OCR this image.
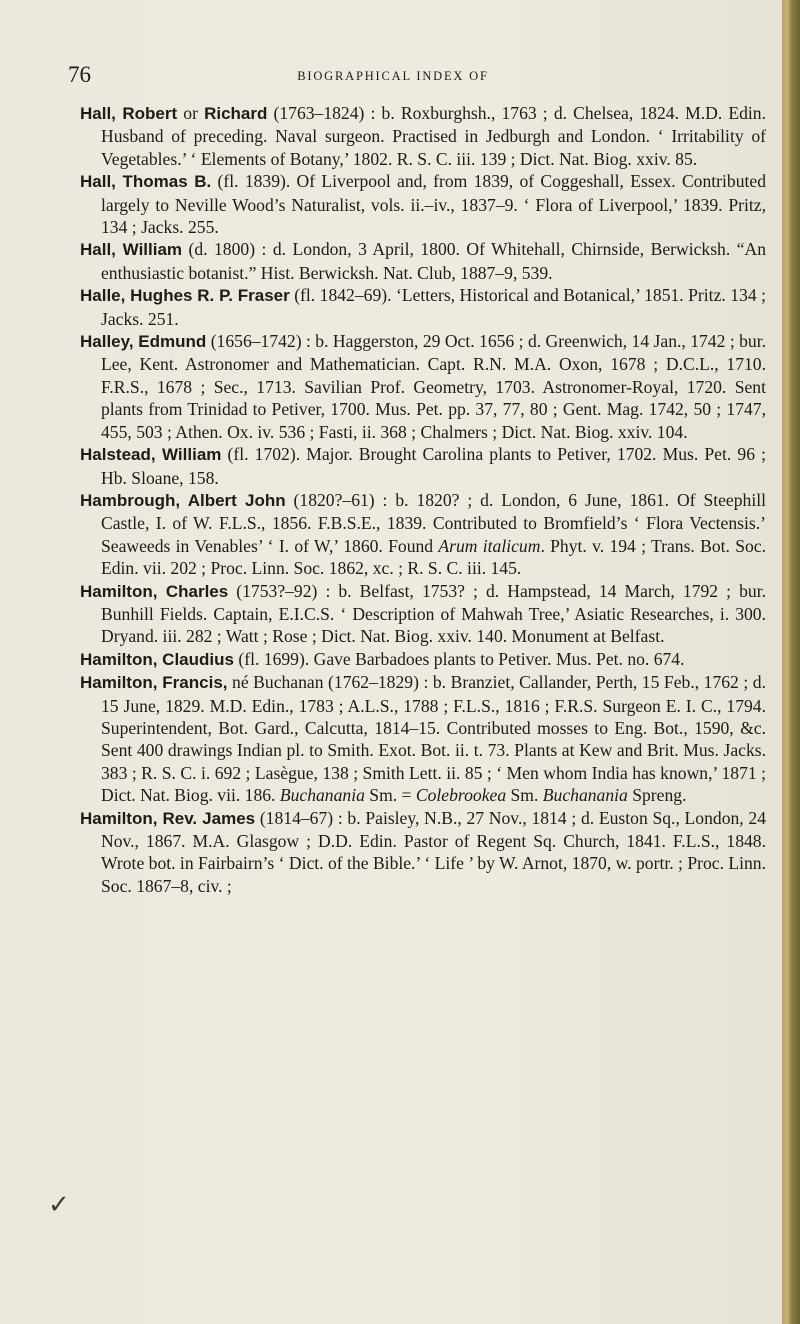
76	BIOGRAPHICAL INDEX OF
✓

Hall, Robert or Richard (1763–1824) : b. Roxburghsh., 1763 ; d. Chelsea, 1824. M.D. Edin. Husband of preceding. Naval surgeon. Practised in Jedburgh and London. ‘ Irritability of Vegetables.’ ‘ Elements of Botany,’ 1802. R. S. C. iii. 139 ; Dict. Nat. Biog. xxiv. 85.

Hall, Thomas B. (fl. 1839). Of Liverpool and, from 1839, of Coggeshall, Essex. Contributed largely to Neville Wood’s Naturalist, vols. ii.–iv., 1837–9. ‘ Flora of Liverpool,’ 1839. Pritz, 134 ; Jacks. 255.

Hall, William (d. 1800) : d. London, 3 April, 1800. Of Whitehall, Chirnside, Berwicksh. “An enthusiastic botanist.” Hist. Berwicksh. Nat. Club, 1887–9, 539.

Halle, Hughes R. P. Fraser (fl. 1842–69). ‘Letters, Historical and Botanical,’ 1851. Pritz. 134 ; Jacks. 251.

Halley, Edmund (1656–1742) : b. Haggerston, 29 Oct. 1656 ; d. Greenwich, 14 Jan., 1742 ; bur. Lee, Kent. Astronomer and Mathematician. Capt. R.N. M.A. Oxon, 1678 ; D.C.L., 1710. F.R.S., 1678 ; Sec., 1713. Savilian Prof. Geometry, 1703. Astronomer-Royal, 1720. Sent plants from Trinidad to Petiver, 1700. Mus. Pet. pp. 37, 77, 80 ; Gent. Mag. 1742, 50 ; 1747, 455, 503 ; Athen. Ox. iv. 536 ; Fasti, ii. 368 ; Chalmers ; Dict. Nat. Biog. xxiv. 104.

Halstead, William (fl. 1702). Major. Brought Carolina plants to Petiver, 1702. Mus. Pet. 96 ; Hb. Sloane, 158.

Hambrough, Albert John (1820?–61) : b. 1820? ; d. London, 6 June, 1861. Of Steephill Castle, I. of W. F.L.S., 1856. F.B.S.E., 1839. Contributed to Bromfield’s ‘ Flora Vectensis.’ Seaweeds in Venables’ ‘ I. of W,’ 1860. Found Arum italicum. Phyt. v. 194 ; Trans. Bot. Soc. Edin. vii. 202 ; Proc. Linn. Soc. 1862, xc. ; R. S. C. iii. 145.

Hamilton, Charles (1753?–92) : b. Belfast, 1753? ; d. Hampstead, 14 March, 1792 ; bur. Bunhill Fields. Captain, E.I.C.S. ‘ Description of Mahwah Tree,’ Asiatic Researches, i. 300. Dryand. iii. 282 ; Watt ; Rose ; Dict. Nat. Biog. xxiv. 140. Monument at Belfast.

Hamilton, Claudius (fl. 1699). Gave Barbadoes plants to Petiver. Mus. Pet. no. 674.

Hamilton, Francis, né Buchanan (1762–1829) : b. Branziet, Callander, Perth, 15 Feb., 1762 ; d. 15 June, 1829. M.D. Edin., 1783 ; A.L.S., 1788 ; F.L.S., 1816 ; F.R.S. Surgeon E. I. C., 1794. Superintendent, Bot. Gard., Calcutta, 1814–15. Contributed mosses to Eng. Bot., 1590, &c. Sent 400 drawings Indian pl. to Smith. Exot. Bot. ii. t. 73. Plants at Kew and Brit. Mus. Jacks. 383 ; R. S. C. i. 692 ; Lasègue, 138 ; Smith Lett. ii. 85 ; ‘ Men whom India has known,’ 1871 ; Dict. Nat. Biog. vii. 186. Buchanania Sm. = Colebrookea Sm. Buchanania Spreng.

Hamilton, Rev. James (1814–67) : b. Paisley, N.B., 27 Nov., 1814 ; d. Euston Sq., London, 24 Nov., 1867. M.A. Glasgow ; D.D. Edin. Pastor of Regent Sq. Church, 1841. F.L.S., 1848. Wrote bot. in Fairbairn’s ‘ Dict. of the Bible.’ ‘ Life ’ by W. Arnot, 1870, w. portr. ; Proc. Linn. Soc. 1867–8, civ. ;
